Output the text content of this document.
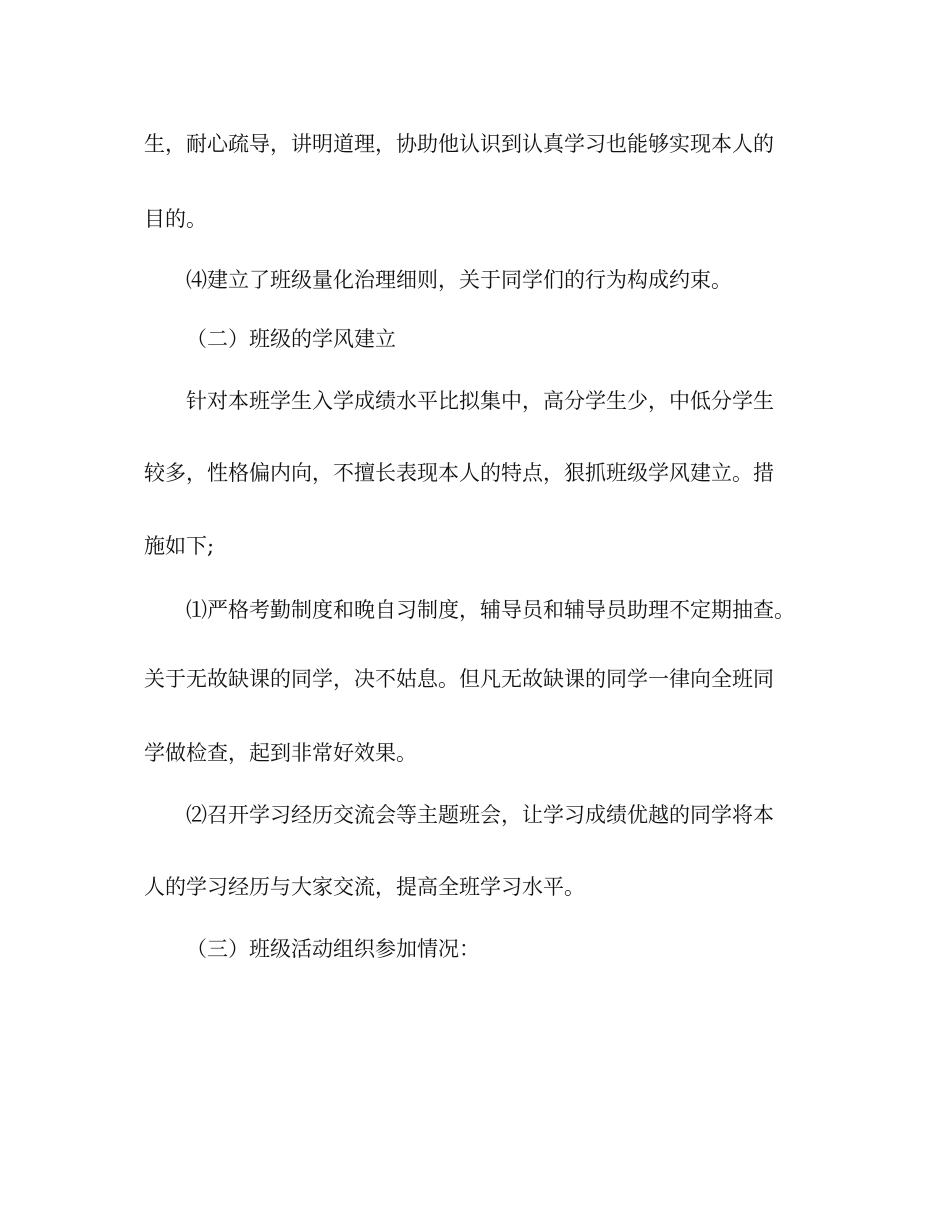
生，耐心疏导，讲明道理，协助他认识到认真学习也能够实现本人的
目的。
⑷建立了班级量化治理细则，关于同学们的行为构成约束。
（二）班级的学风建立
针对本班学生入学成绩水平比拟集中，高分学生少，中低分学生
较多，性格偏内向，不擅长表现本人的特点，狠抓班级学风建立。措
施如下;
⑴严格考勤制度和晚自习制度，辅导员和辅导员助理不定期抽查。
关于无故缺课的同学，决不姑息。但凡无故缺课的同学一律向全班同
学做检查，起到非常好效果。
⑵召开学习经历交流会等主题班会，让学习成绩优越的同学将本
人的学习经历与大家交流，提高全班学习水平。
（三）班级活动组织参加情况：
